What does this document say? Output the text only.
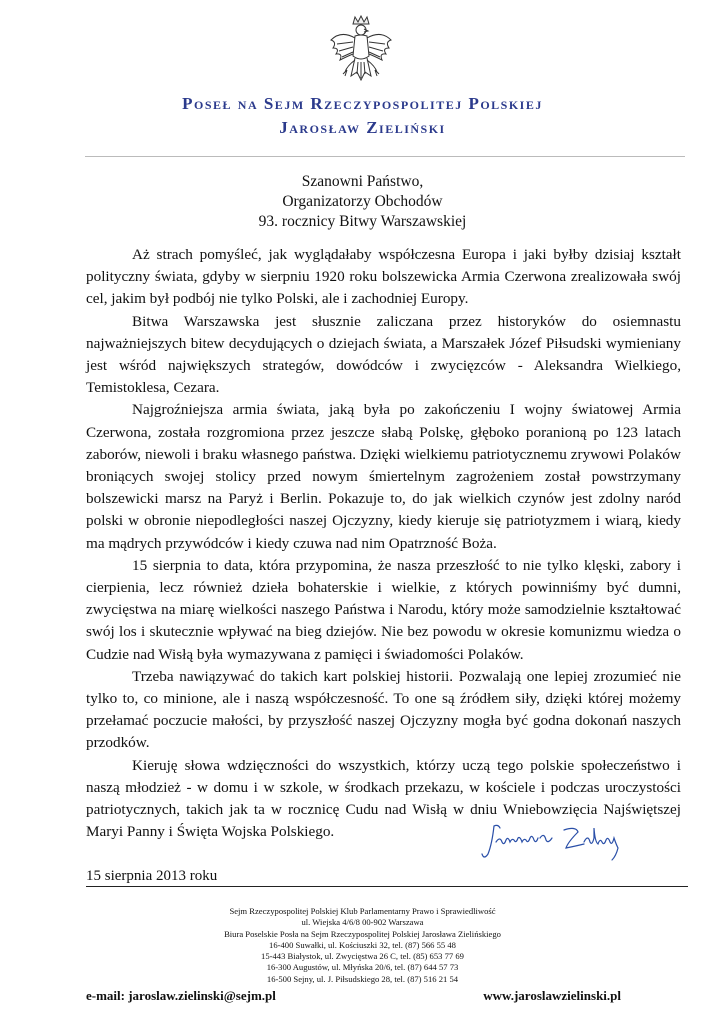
Poseł na Sejm Rzeczypospolitej Polskiej
Jarosław Zieliński
Szanowni Państwo,
Organizatorzy Obchodów
93. rocznicy Bitwy Warszawskiej

Aż strach pomyśleć, jak wyglądałaby współczesna Europa i jaki byłby dzisiaj kształt polityczny świata, gdyby w sierpniu 1920 roku bolszewicka Armia Czerwona zrealizowała swój cel, jakim był podbój nie tylko Polski, ale i zachodniej Europy.

Bitwa Warszawska jest słusznie zaliczana przez historyków do osiemnastu najważniejszych bitew decydujących o dziejach świata, a Marszałek Józef Piłsudski wymieniany jest wśród największych strategów, dowódców i zwycięzców - Aleksandra Wielkiego, Temistoklesa, Cezara.

Najgroźniejsza armia świata, jaką była po zakończeniu I wojny światowej Armia Czerwona, została rozgromiona przez jeszcze słabą Polskę, głęboko poranioną po 123 latach zaborów, niewoli i braku własnego państwa. Dzięki wielkiemu patriotycznemu zrywowi Polaków broniących swojej stolicy przed nowym śmiertelnym zagrożeniem został powstrzymany bolszewicki marsz na Paryż i Berlin. Pokazuje to, do jak wielkich czynów jest zdolny naród polski w obronie niepodległości naszej Ojczyzny, kiedy kieruje się patriotyzmem i wiarą, kiedy ma mądrych przywódców i kiedy czuwa nad nim Opatrzność Boża.

15 sierpnia to data, która przypomina, że nasza przeszłość to nie tylko klęski, zabory i cierpienia, lecz również dzieła bohaterskie i wielkie, z których powinniśmy być dumni, zwycięstwa na miarę wielkości naszego Państwa i Narodu, który może samodzielnie kształtować swój los i skutecznie wpływać na bieg dziejów. Nie bez powodu w okresie komunizmu wiedza o Cudzie nad Wisłą była wymazywana z pamięci i świadomości Polaków.

Trzeba nawiązywać do takich kart polskiej historii. Pozwalają one lepiej zrozumieć nie tylko to, co minione, ale i naszą współczesność. To one są źródłem siły, dzięki której możemy przełamać poczucie małości, by przyszłość naszej Ojczyzny mogła być godna dokonań naszych przodków.

Kieruję słowa wdzięczności do wszystkich, którzy uczą tego polskie społeczeństwo i naszą młodzież - w domu i w szkole, w środkach przekazu, w kościele i podczas uroczystości patriotycznych, takich jak ta w rocznicę Cudu nad Wisłą w dniu Wniebowzięcia Najświętszej Maryi Panny i Święta Wojska Polskiego.

15 sierpnia 2013 roku
Sejm Rzeczypospolitej Polskiej Klub Parlamentarny Prawo i Sprawiedliwość
ul. Wiejska 4/6/8 00-902 Warszawa
Biura Poselskie Posła na Sejm Rzeczypospolitej Polskiej Jarosława Zielińskiego
16-400 Suwałki, ul. Kościuszki 32, tel. (87) 566 55 48
15-443 Białystok, ul. Zwycięstwa 26 C, tel. (85) 653 77 69
16-300 Augustów, ul. Młyńska 20/6, tel. (87) 644 57 73
16-500 Sejny, ul. J. Piłsudskiego 28, tel. (87) 516 21 54
e-mail: jaroslaw.zielinski@sejm.pl	www.jaroslawzielinski.pl
